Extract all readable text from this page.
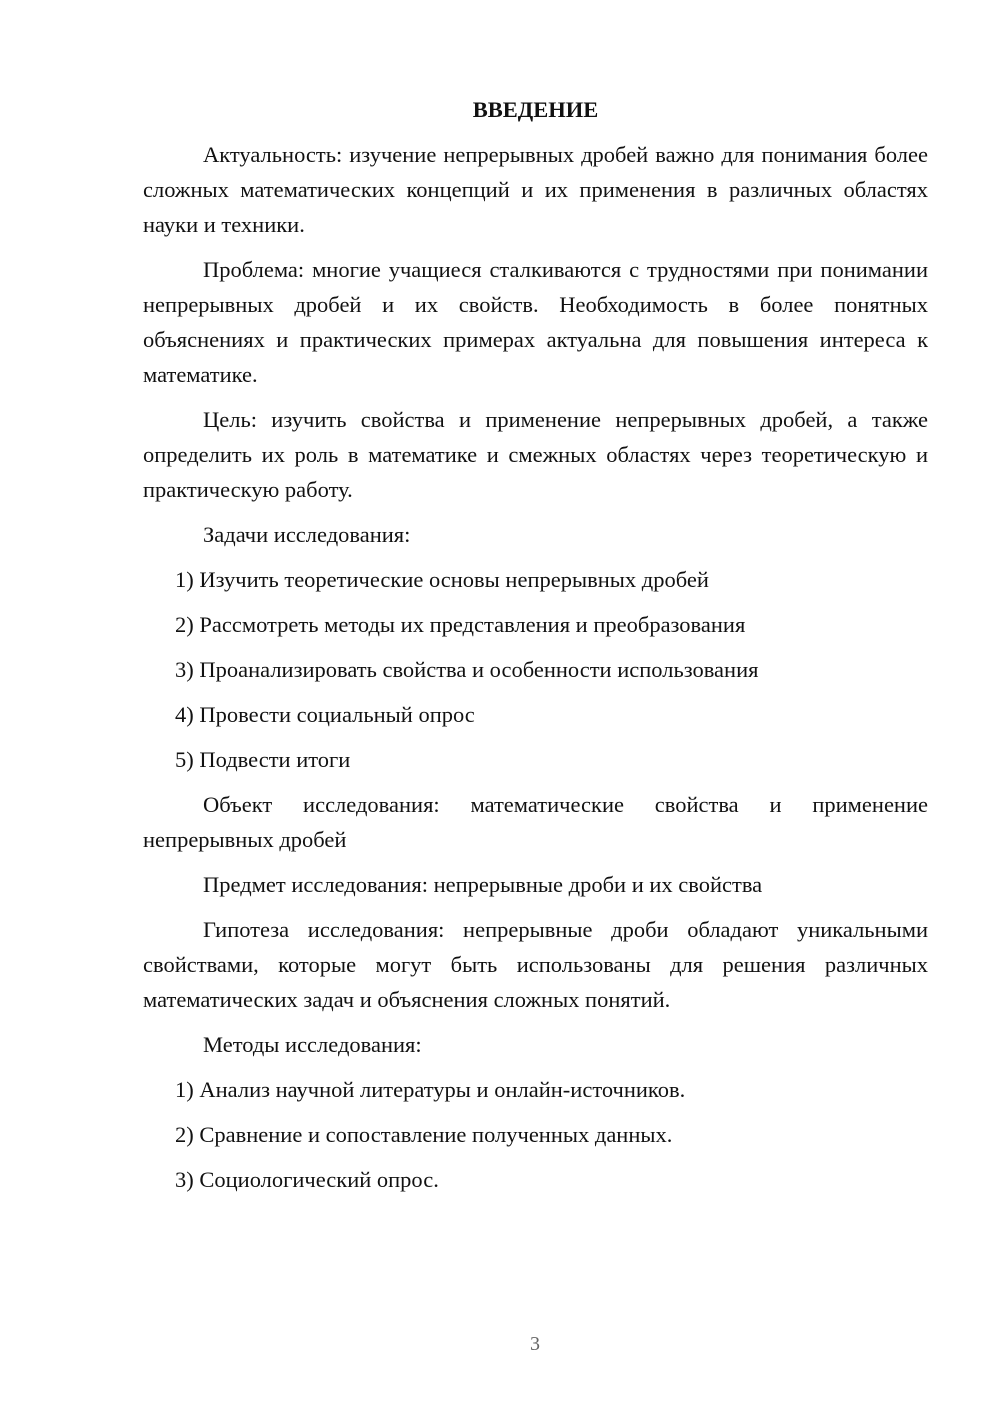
ВВЕДЕНИЕ

Актуальность: изучение непрерывных дробей важно для понимания более сложных математических концепций и их применения в различных областях науки и техники.

Проблема: многие учащиеся сталкиваются с трудностями при понимании непрерывных дробей и их свойств. Необходимость в более понятных объяснениях и практических примерах актуальна для повышения интереса к математике.

Цель: изучить свойства и применение непрерывных дробей, а также определить их роль в математике и смежных областях через теоретическую и практическую работу.

Задачи исследования:

1) Изучить теоретические основы непрерывных дробей
2) Рассмотреть методы их представления и преобразования
3) Проанализировать свойства и особенности использования
4) Провести социальный опрос
5) Подвести итоги

Объект исследования: математические свойства и применение непрерывных дробей

Предмет исследования: непрерывные дроби и их свойства

Гипотеза исследования: непрерывные дроби обладают уникальными свойствами, которые могут быть использованы для решения различных математических задач и объяснения сложных понятий.

Методы исследования:

1) Анализ научной литературы и онлайн-источников.
2) Сравнение и сопоставление полученных данных.
3) Социологический опрос.
3
